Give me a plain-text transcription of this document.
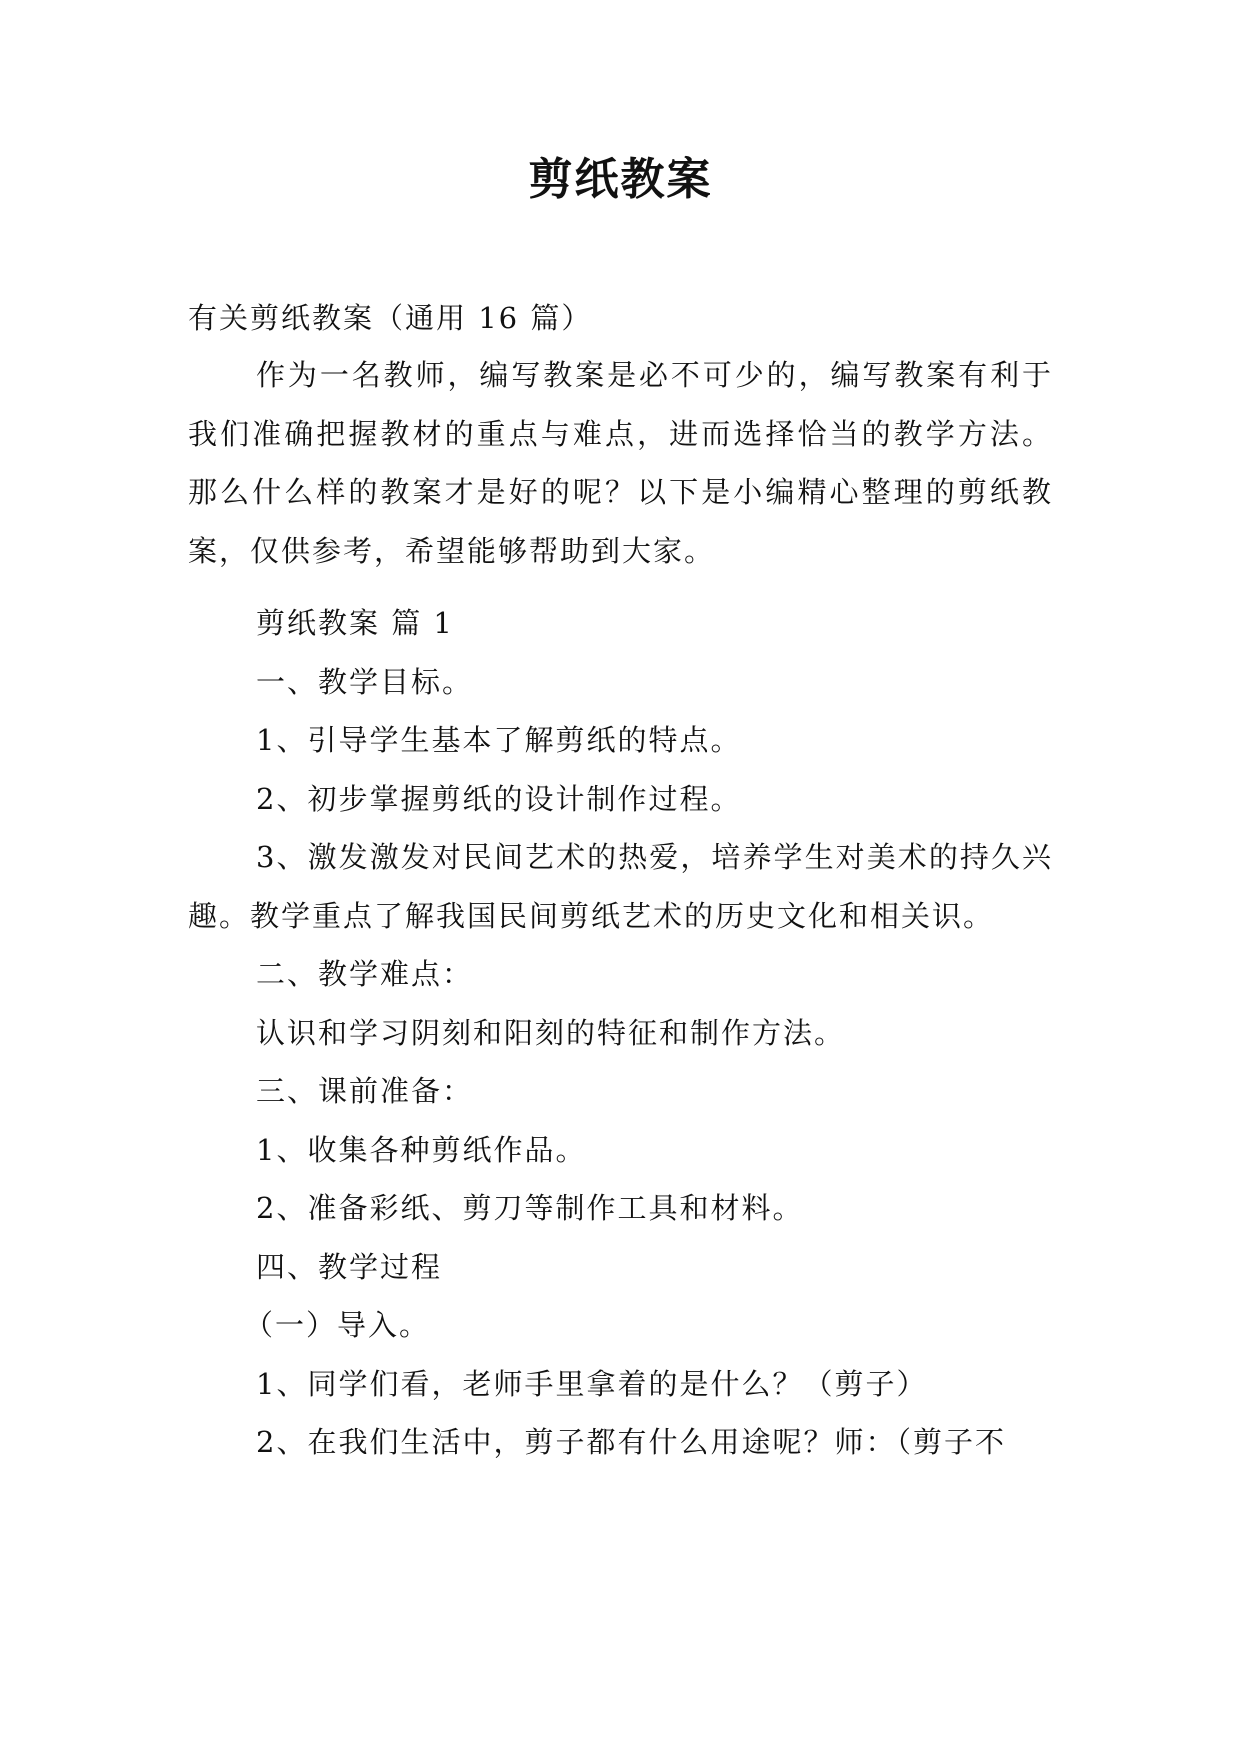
剪纸教案
有关剪纸教案（通用 16 篇）

作为一名教师，编写教案是必不可少的，编写教案有利于我们准确把握教材的重点与难点，进而选择恰当的教学方法。那么什么样的教案才是好的呢？以下是小编精心整理的剪纸教案，仅供参考，希望能够帮助到大家。

剪纸教案 篇 1

一、教学目标。

1、引导学生基本了解剪纸的特点。

2、初步掌握剪纸的设计制作过程。

3、激发激发对民间艺术的热爱，培养学生对美术的持久兴趣。教学重点了解我国民间剪纸艺术的历史文化和相关识。

二、教学难点：

认识和学习阴刻和阳刻的特征和制作方法。

三、课前准备：

1、收集各种剪纸作品。

2、准备彩纸、剪刀等制作工具和材料。

四、教学过程

（一）导入。

1、同学们看，老师手里拿着的是什么？（剪子）

2、在我们生活中，剪子都有什么用途呢？师：（剪子不
